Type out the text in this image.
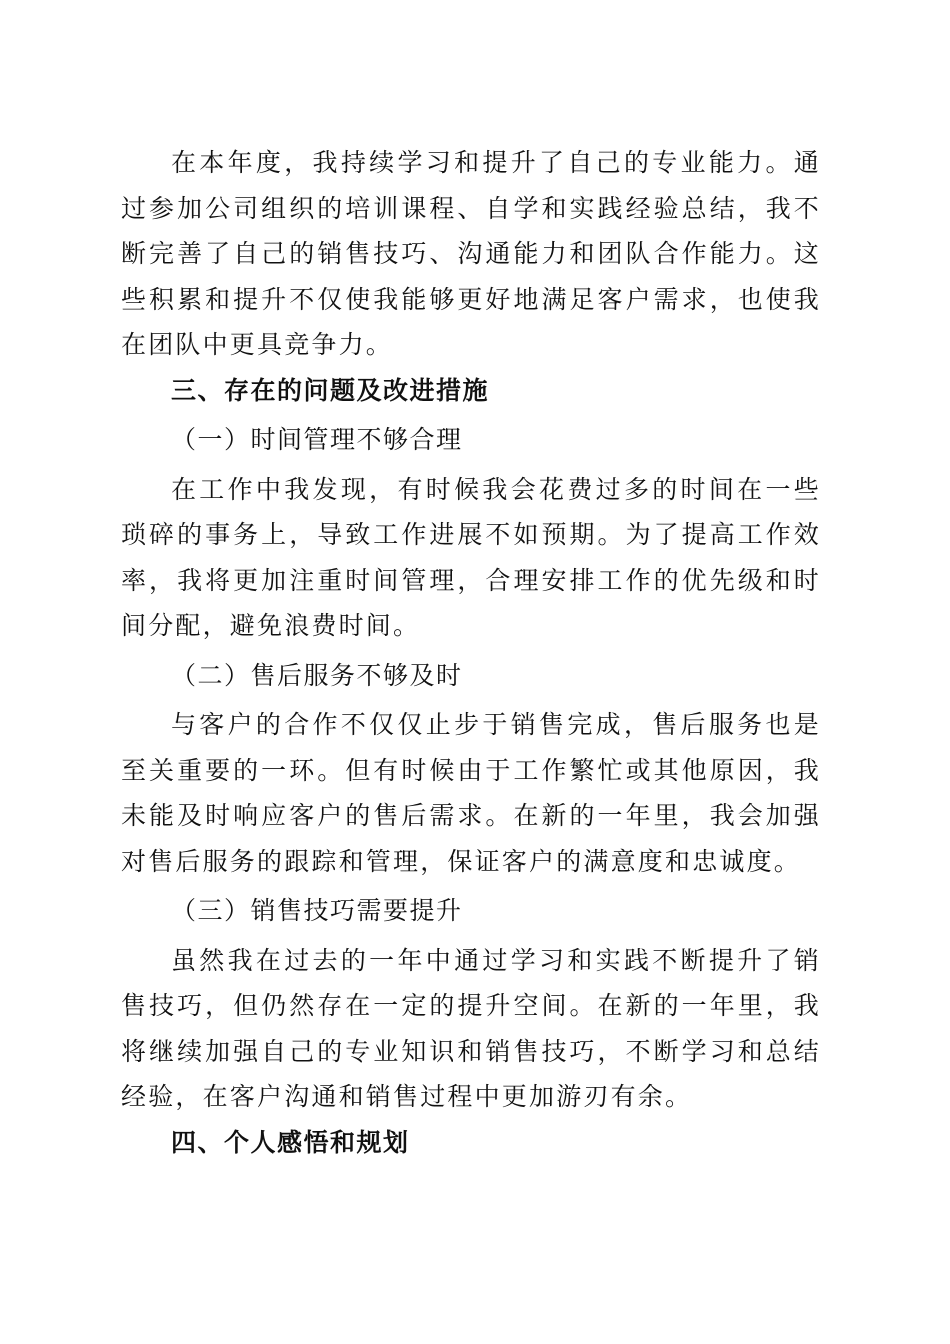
在本年度，我持续学习和提升了自己的专业能力。通过参加公司组织的培训课程、自学和实践经验总结，我不断完善了自己的销售技巧、沟通能力和团队合作能力。这些积累和提升不仅使我能够更好地满足客户需求，也使我在团队中更具竞争力。

三、存在的问题及改进措施

（一）时间管理不够合理

在工作中我发现，有时候我会花费过多的时间在一些琐碎的事务上，导致工作进展不如预期。为了提高工作效率，我将更加注重时间管理，合理安排工作的优先级和时间分配，避免浪费时间。

（二）售后服务不够及时

与客户的合作不仅仅止步于销售完成，售后服务也是至关重要的一环。但有时候由于工作繁忙或其他原因，我未能及时响应客户的售后需求。在新的一年里，我会加强对售后服务的跟踪和管理，保证客户的满意度和忠诚度。

（三）销售技巧需要提升

虽然我在过去的一年中通过学习和实践不断提升了销售技巧，但仍然存在一定的提升空间。在新的一年里，我将继续加强自己的专业知识和销售技巧，不断学习和总结经验，在客户沟通和销售过程中更加游刃有余。

四、个人感悟和规划
